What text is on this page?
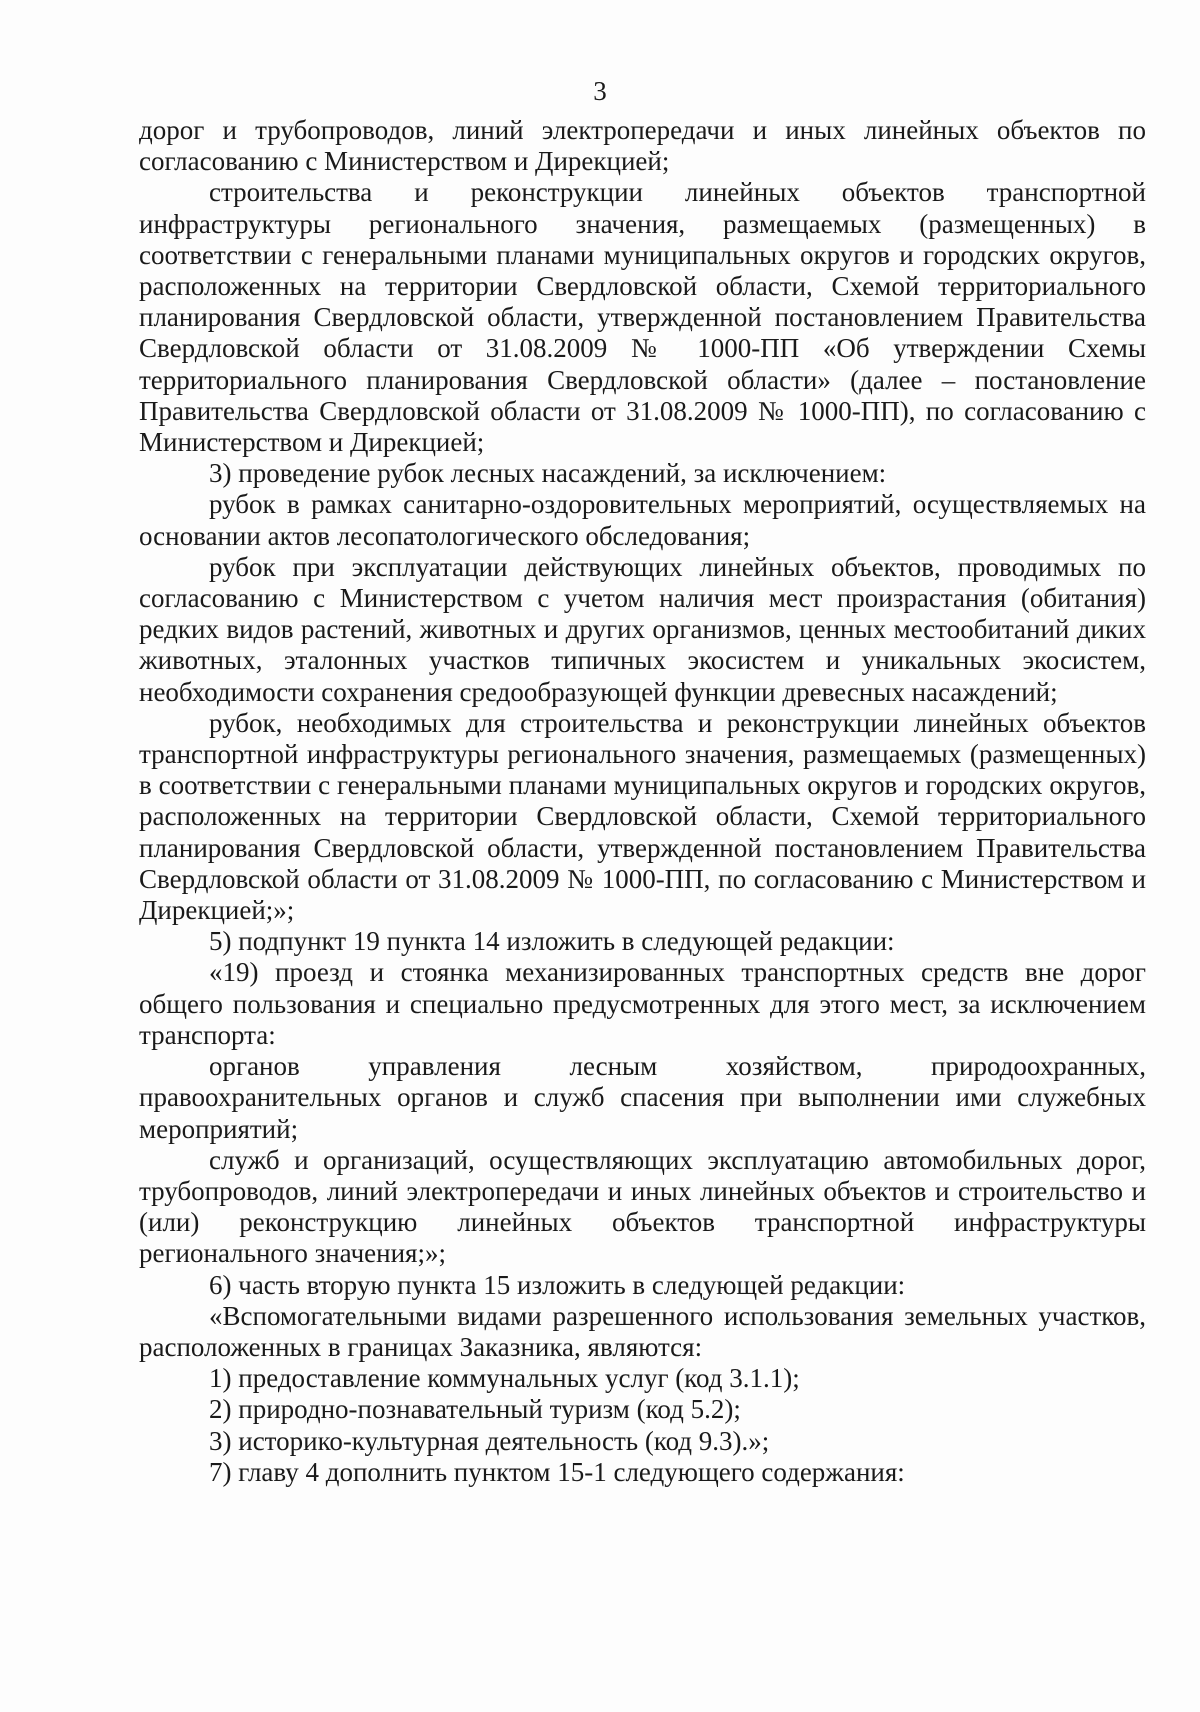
3

дорог и трубопроводов, линий электропередачи и иных линейных объектов по согласованию с Министерством и Дирекцией;

строительства и реконструкции линейных объектов транспортной инфраструктуры регионального значения, размещаемых (размещенных) в соответствии с генеральными планами муниципальных округов и городских округов, расположенных на территории Свердловской области, Схемой территориального планирования Свердловской области, утвержденной постановлением Правительства Свердловской области от 31.08.2009 № 1000-ПП «Об утверждении Схемы территориального планирования Свердловской области» (далее – постановление Правительства Свердловской области от 31.08.2009 № 1000-ПП), по согласованию с Министерством и Дирекцией;

3) проведение рубок лесных насаждений, за исключением:

рубок в рамках санитарно-оздоровительных мероприятий, осуществляемых на основании актов лесопатологического обследования;

рубок при эксплуатации действующих линейных объектов, проводимых по согласованию с Министерством с учетом наличия мест произрастания (обитания) редких видов растений, животных и других организмов, ценных местообитаний диких животных, эталонных участков типичных экосистем и уникальных экосистем, необходимости сохранения средообразующей функции древесных насаждений;

рубок, необходимых для строительства и реконструкции линейных объектов транспортной инфраструктуры регионального значения, размещаемых (размещенных) в соответствии с генеральными планами муниципальных округов и городских округов, расположенных на территории Свердловской области, Схемой территориального планирования Свердловской области, утвержденной постановлением Правительства Свердловской области от 31.08.2009 № 1000-ПП, по согласованию с Министерством и Дирекцией;»;

5) подпункт 19 пункта 14 изложить в следующей редакции:

«19) проезд и стоянка механизированных транспортных средств вне дорог общего пользования и специально предусмотренных для этого мест, за исключением транспорта:

органов управления лесным хозяйством, природоохранных, правоохранительных органов и служб спасения при выполнении ими служебных мероприятий;

служб и организаций, осуществляющих эксплуатацию автомобильных дорог, трубопроводов, линий электропередачи и иных линейных объектов и строительство и (или) реконструкцию линейных объектов транспортной инфраструктуры регионального значения;»;

6) часть вторую пункта 15 изложить в следующей редакции:

«Вспомогательными видами разрешенного использования земельных участков, расположенных в границах Заказника, являются:

1) предоставление коммунальных услуг (код 3.1.1);

2) природно-познавательный туризм (код 5.2);

3) историко-культурная деятельность (код 9.3).»;

7) главу 4 дополнить пунктом 15-1 следующего содержания:
